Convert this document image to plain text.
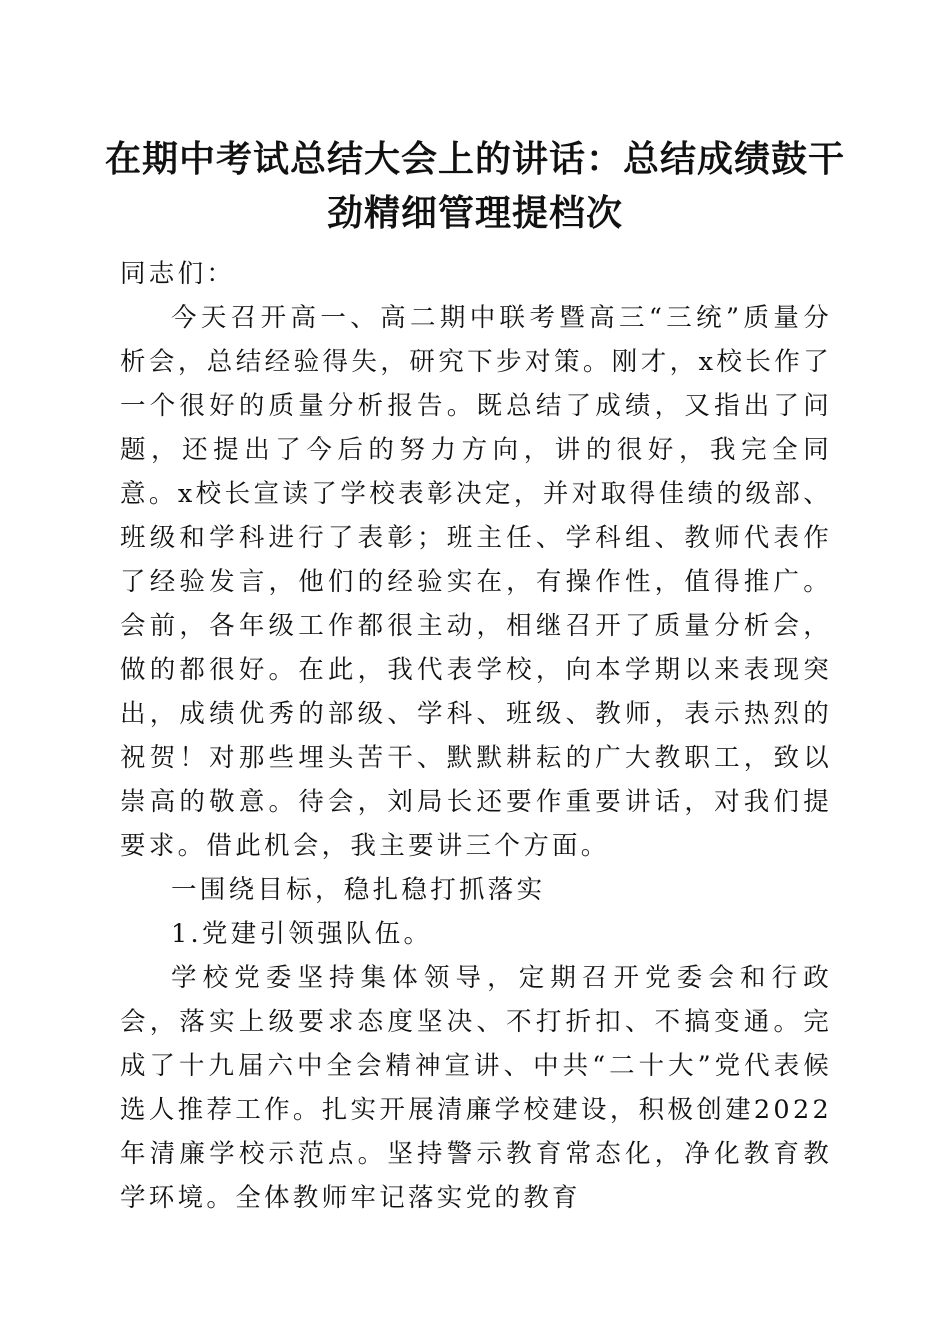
在期中考试总结大会上的讲话：总结成绩鼓干劲精细管理提档次

同志们：

今天召开高一、高二期中联考暨高三“三统”质量分析会，总结经验得失，研究下步对策。刚才，x校长作了一个很好的质量分析报告。既总结了成绩，又指出了问题，还提出了今后的努力方向，讲的很好，我完全同意。x校长宣读了学校表彰决定，并对取得佳绩的级部、班级和学科进行了表彰；班主任、学科组、教师代表作了经验发言，他们的经验实在，有操作性，值得推广。会前，各年级工作都很主动，相继召开了质量分析会，做的都很好。在此，我代表学校，向本学期以来表现突出，成绩优秀的部级、学科、班级、教师，表示热烈的祝贺！对那些埋头苦干、默默耕耘的广大教职工，致以崇高的敬意。待会，刘局长还要作重要讲话，对我们提要求。借此机会，我主要讲三个方面。

一围绕目标，稳扎稳打抓落实

1.党建引领强队伍。

学校党委坚持集体领导，定期召开党委会和行政会，落实上级要求态度坚决、不打折扣、不搞变通。完成了十九届六中全会精神宣讲、中共“二十大”党代表候选人推荐工作。扎实开展清廉学校建设，积极创建2022年清廉学校示范点。坚持警示教育常态化，净化教育教学环境。全体教师牢记落实党的教育
